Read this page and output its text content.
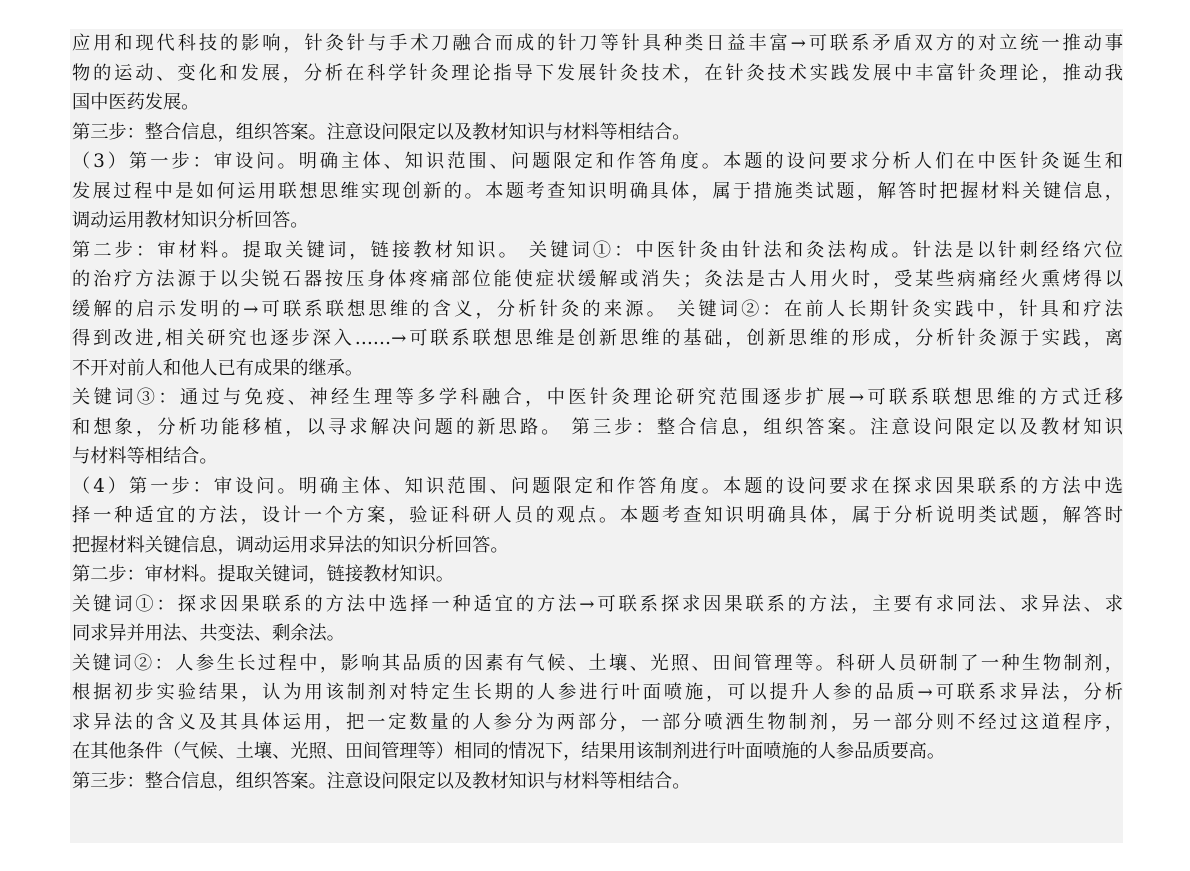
应用和现代科技的影响，针灸针与手术刀融合而成的针刀等针具种类日益丰富→可联系矛盾双方的对立统一推动事
物的运动、变化和发展，分析在科学针灸理论指导下发展针灸技术，在针灸技术实践发展中丰富针灸理论，推动我
国中医药发展。
第三步：整合信息，组织答案。注意设问限定以及教材知识与材料等相结合。
（3）第一步：审设问。明确主体、知识范围、问题限定和作答角度。本题的设问要求分析人们在中医针灸诞生和
发展过程中是如何运用联想思维实现创新的。本题考查知识明确具体，属于措施类试题，解答时把握材料关键信息，
调动运用教材知识分析回答。
第二步：审材料。提取关键词，链接教材知识。 关键词①：中医针灸由针法和灸法构成。针法是以针刺经络穴位
的治疗方法源于以尖锐石器按压身体疼痛部位能使症状缓解或消失；灸法是古人用火时，受某些病痛经火熏烤得以
缓解的启示发明的→可联系联想思维的含义，分析针灸的来源。 关键词②：在前人长期针灸实践中，针具和疗法
得到改进,相关研究也逐步深入……→可联系联想思维是创新思维的基础，创新思维的形成，分析针灸源于实践，离
不开对前人和他人已有成果的继承。
关键词③：通过与免疫、神经生理等多学科融合，中医针灸理论研究范围逐步扩展→可联系联想思维的方式迁移
和想象，分析功能移植，以寻求解决问题的新思路。 第三步：整合信息，组织答案。注意设问限定以及教材知识
与材料等相结合。
（4）第一步：审设问。明确主体、知识范围、问题限定和作答角度。本题的设问要求在探求因果联系的方法中选
择一种适宜的方法，设计一个方案，验证科研人员的观点。本题考查知识明确具体，属于分析说明类试题，解答时
把握材料关键信息，调动运用求异法的知识分析回答。
第二步：审材料。提取关键词，链接教材知识。
关键词①：探求因果联系的方法中选择一种适宜的方法→可联系探求因果联系的方法，主要有求同法、求异法、求
同求异并用法、共变法、剩余法。
关键词②：人参生长过程中，影响其品质的因素有气候、土壤、光照、田间管理等。科研人员研制了一种生物制剂，
根据初步实验结果，认为用该制剂对特定生长期的人参进行叶面喷施，可以提升人参的品质→可联系求异法，分析
求异法的含义及其具体运用，把一定数量的人参分为两部分，一部分喷洒生物制剂，另一部分则不经过这道程序，
在其他条件（气候、土壤、光照、田间管理等）相同的情况下，结果用该制剂进行叶面喷施的人参品质要高。
第三步：整合信息，组织答案。注意设问限定以及教材知识与材料等相结合。
